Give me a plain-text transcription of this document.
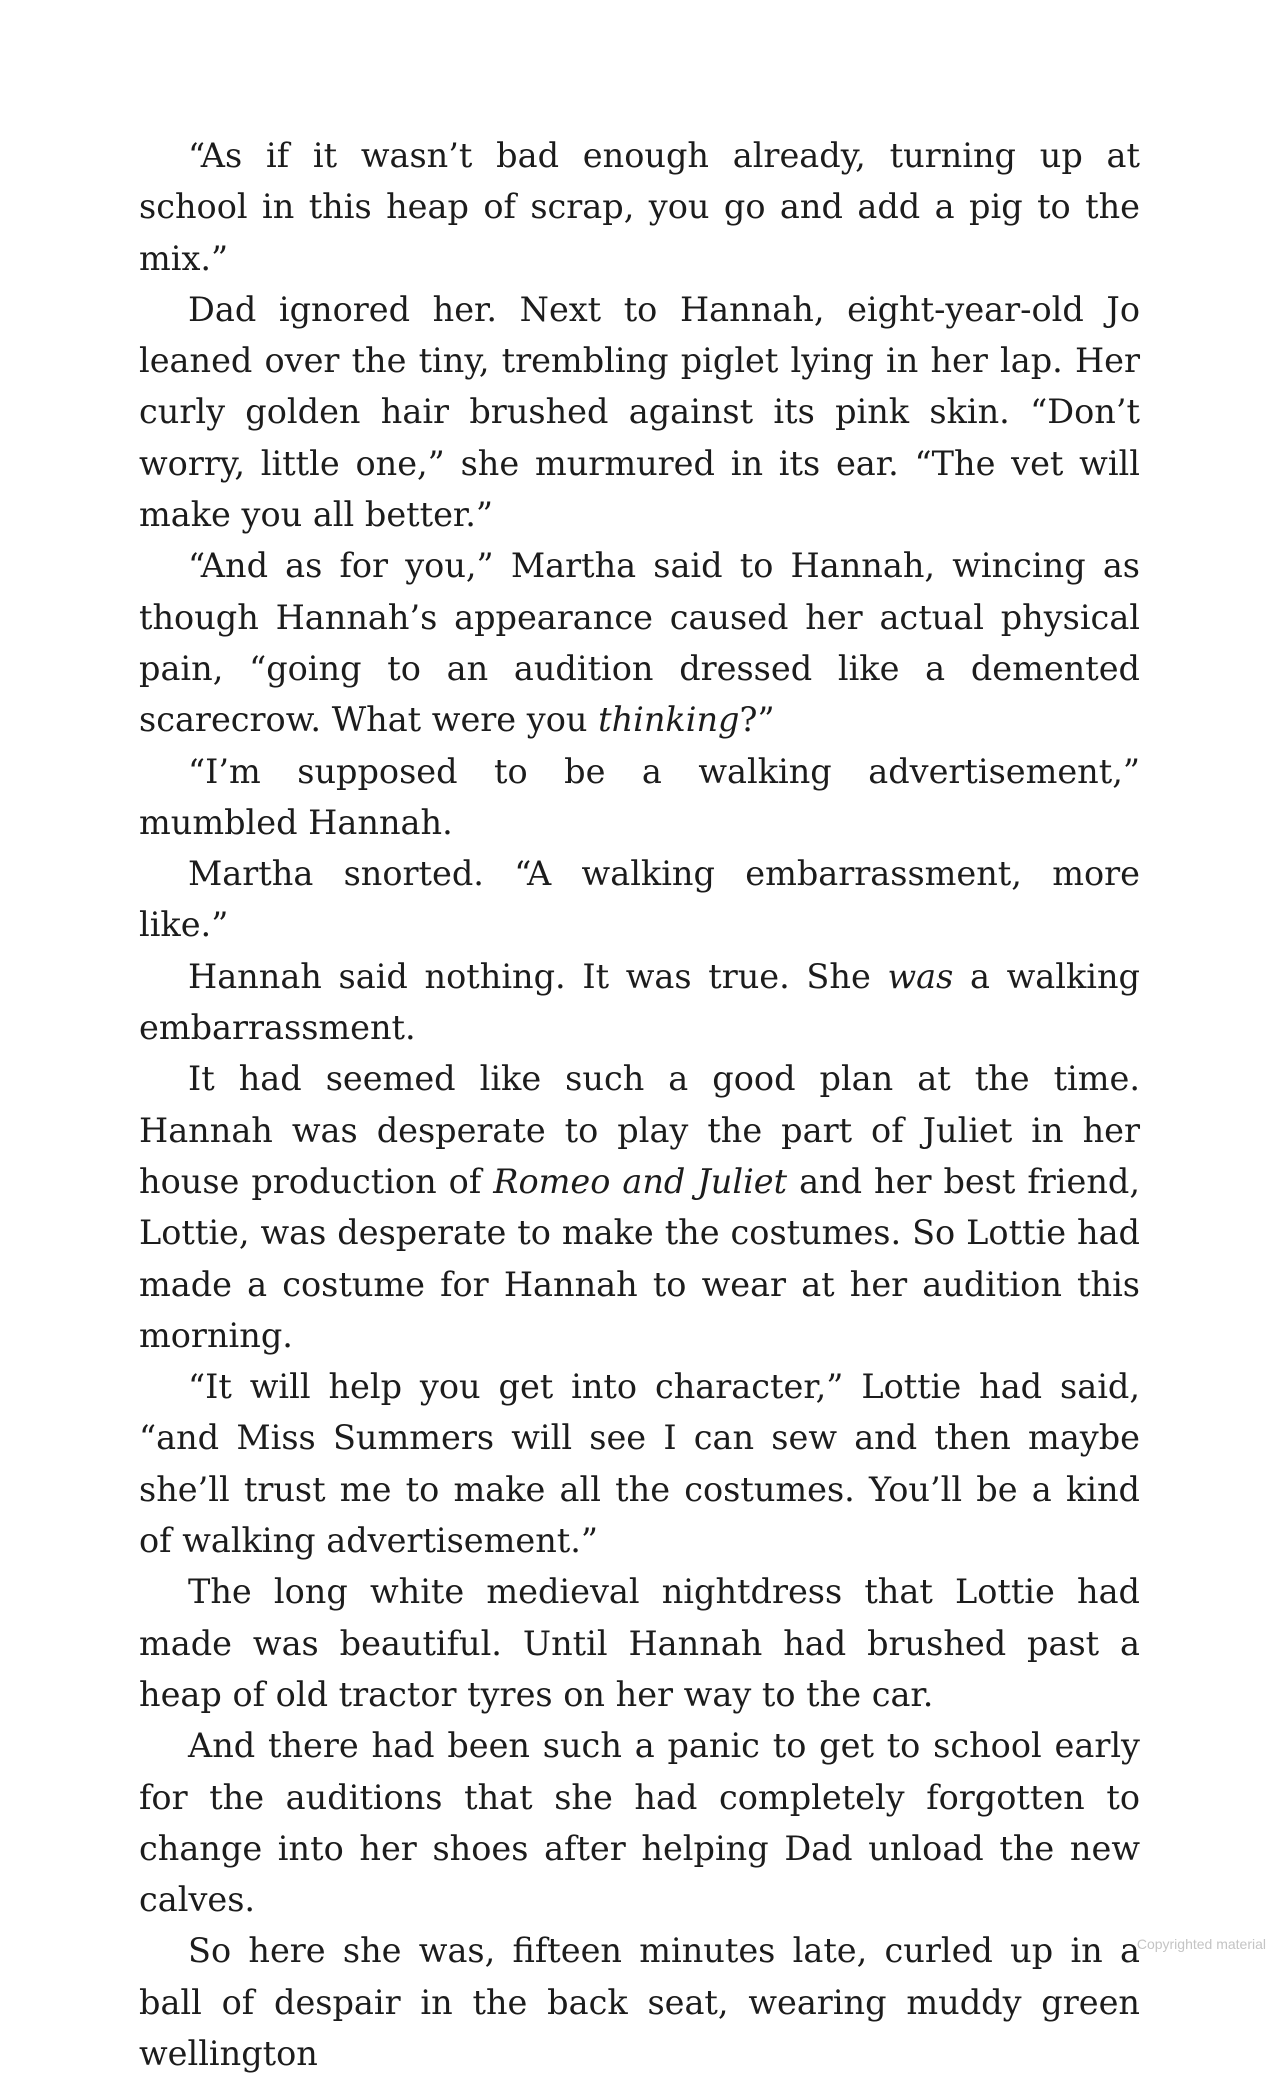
“As if it wasn’t bad enough already, turning up at school in this heap of scrap, you go and add a pig to the mix.”

Dad ignored her. Next to Hannah, eight-year-old Jo leaned over the tiny, trembling piglet lying in her lap. Her curly golden hair brushed against its pink skin. “Don’t worry, little one,” she murmured in its ear. “The vet will make you all better.”

“And as for you,” Martha said to Hannah, wincing as though Hannah’s appearance caused her actual physical pain, “going to an audition dressed like a demented scarecrow. What were you thinking?”

“I’m supposed to be a walking advertisement,” mumbled Hannah.

Martha snorted. “A walking embarrassment, more like.”

Hannah said nothing. It was true. She was a walking embarrassment.

It had seemed like such a good plan at the time. Hannah was desperate to play the part of Juliet in her house production of Romeo and Juliet and her best friend, Lottie, was desperate to make the costumes. So Lottie had made a costume for Hannah to wear at her audition this morning.

“It will help you get into character,” Lottie had said, “and Miss Summers will see I can sew and then maybe she’ll trust me to make all the costumes. You’ll be a kind of walking advertisement.”

The long white medieval nightdress that Lottie had made was beautiful. Until Hannah had brushed past a heap of old tractor tyres on her way to the car.

And there had been such a panic to get to school early for the auditions that she had completely forgotten to change into her shoes after helping Dad unload the new calves.

So here she was, fifteen minutes late, curled up in a ball of despair in the back seat, wearing muddy green wellington

Copyrighted material
